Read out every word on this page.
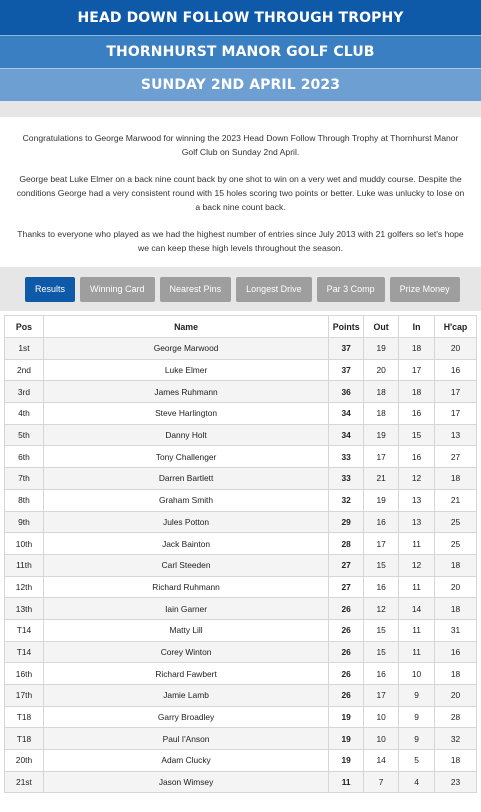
HEAD DOWN FOLLOW THROUGH TROPHY
THORNHURST MANOR GOLF CLUB
SUNDAY 2ND APRIL 2023

Congratulations to George Marwood for winning the 2023 Head Down Follow Through Trophy at Thornhurst Manor Golf Club on Sunday 2nd April.

George beat Luke Elmer on a back nine count back by one shot to win on a very wet and muddy course. Despite the conditions George had a very consistent round with 15 holes scoring two points or better. Luke was unlucky to lose on a back nine count back.

Thanks to everyone who played as we had the highest number of entries since July 2013 with 21 golfers so let's hope we can keep these high levels throughout the season.

Results	Winning Card	Nearest Pins	Longest Drive	Par 3 Comp	Prize Money
Pos	Name	Points	Out	In	H'cap
1st	George Marwood	37	19	18	20
2nd	Luke Elmer	37	20	17	16
3rd	James Ruhmann	36	18	18	17
4th	Steve Harlington	34	18	16	17
5th	Danny Holt	34	19	15	13
6th	Tony Challenger	33	17	16	27
7th	Darren Bartlett	33	21	12	18
8th	Graham Smith	32	19	13	21
9th	Jules Potton	29	16	13	25
10th	Jack Bainton	28	17	11	25
11th	Carl Steeden	27	15	12	18
12th	Richard Ruhmann	27	16	11	20
13th	Iain Garner	26	12	14	18
T14	Matty Lill	26	15	11	31
T14	Corey Winton	26	15	11	16
16th	Richard Fawbert	26	16	10	18
17th	Jamie Lamb	26	17	9	20
T18	Garry Broadley	19	10	9	28
T18	Paul I'Anson	19	10	9	32
20th	Adam Clucky	19	14	5	18
21st	Jason Wimsey	11	7	4	23
